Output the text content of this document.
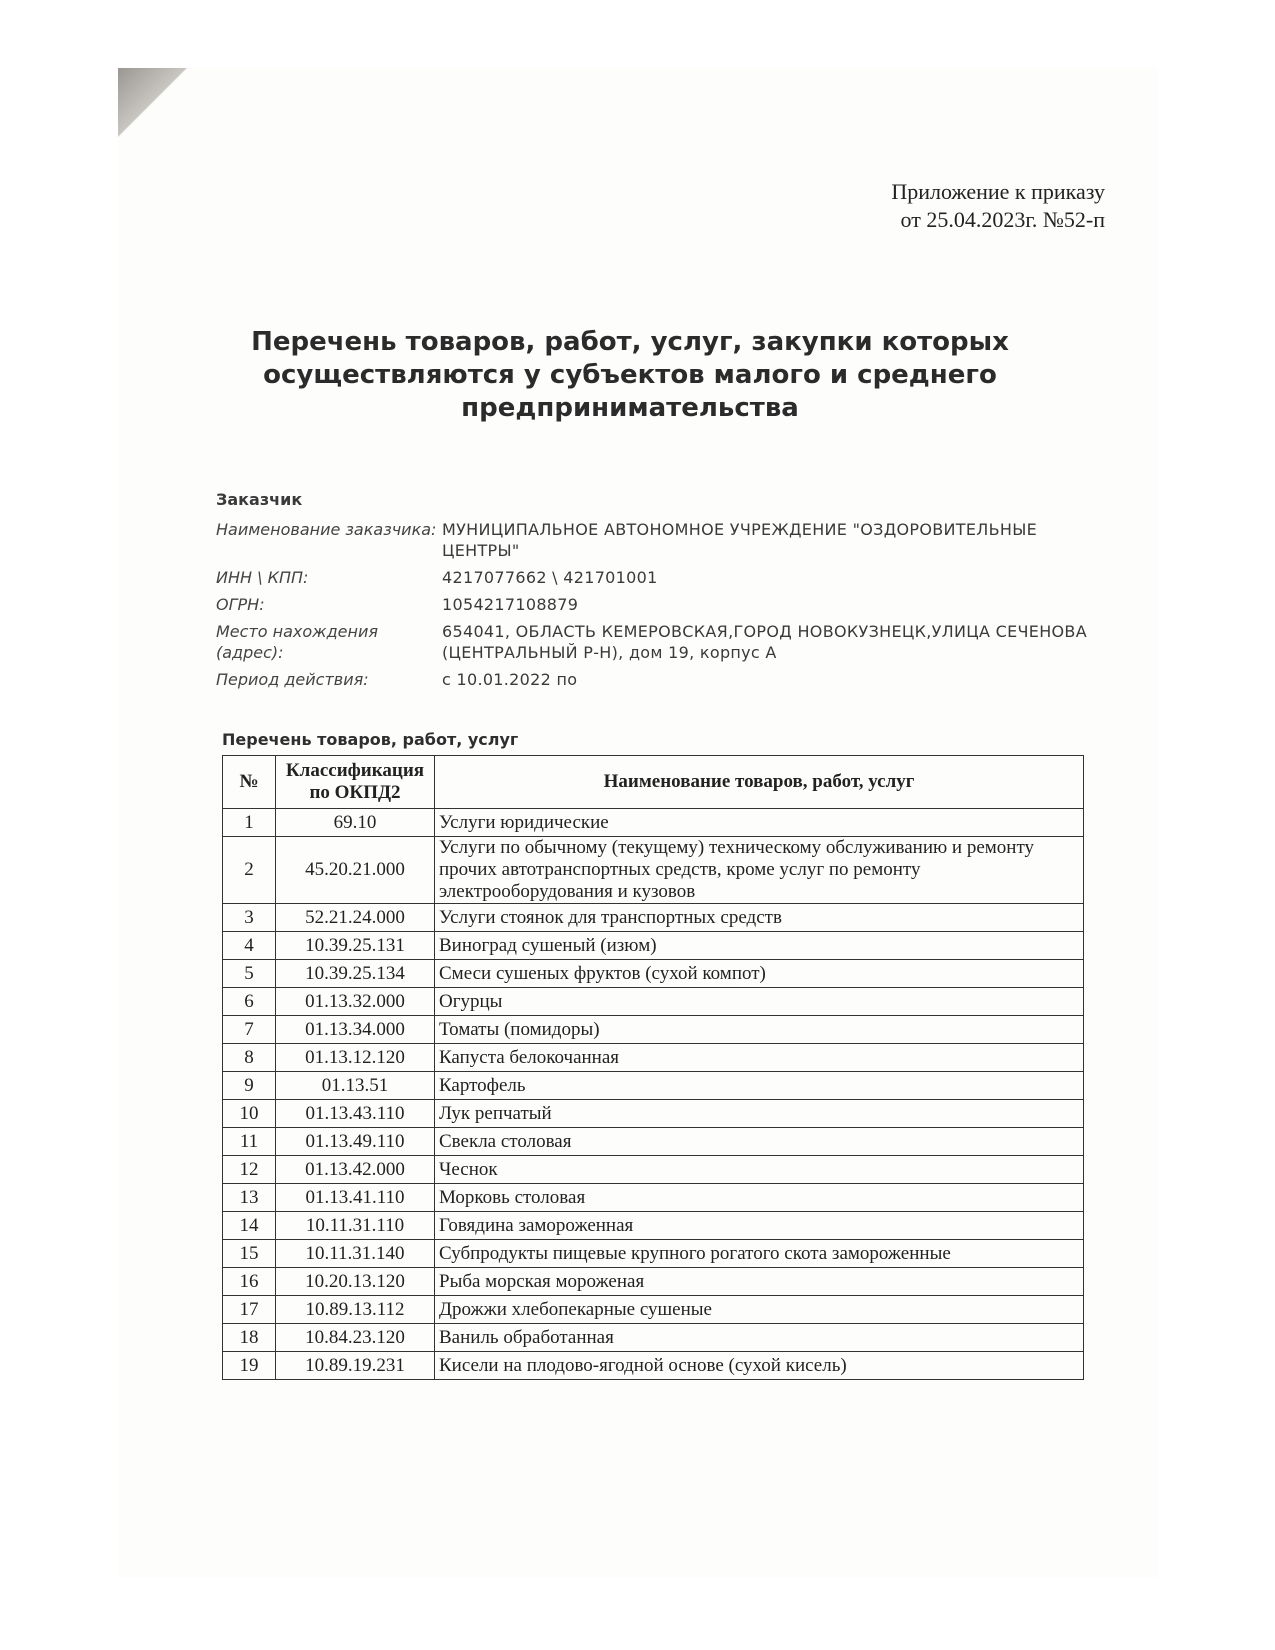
Приложение к приказу
от 25.04.2023г. №52-п
Перечень товаров, работ, услуг, закупки которых осуществляются у субъектов малого и среднего предпринимательства
Заказчик
Наименование заказчика: МУНИЦИПАЛЬНОЕ АВТОНОМНОЕ УЧРЕЖДЕНИЕ "ОЗДОРОВИТЕЛЬНЫЕ ЦЕНТРЫ"
ИНН \ КПП:	4217077662 \ 421701001
ОГРН:	1054217108879
Место нахождения (адрес):
654041, ОБЛАСТЬ КЕМЕРОВСКАЯ,ГОРОД НОВОКУЗНЕЦК,УЛИЦА СЕЧЕНОВА (ЦЕНТРАЛЬНЫЙ Р-Н), дом 19, корпус А
Период действия:	с 10.01.2022 по
Перечень товаров, работ, услуг
№	Классификация по ОКПД2	Наименование товаров, работ, услуг
1	69.10	Услуги юридические
2	45.20.21.000	Услуги по обычному (текущему) техническому обслуживанию и ремонту прочих автотранспортных средств, кроме услуг по ремонту электрооборудования и кузовов
3	52.21.24.000	Услуги стоянок для транспортных средств
4	10.39.25.131	Виноград сушеный (изюм)
5	10.39.25.134	Смеси сушеных фруктов (сухой компот)
6	01.13.32.000	Огурцы
7	01.13.34.000	Томаты (помидоры)
8	01.13.12.120	Капуста белокочанная
9	01.13.51	Картофель
10	01.13.43.110	Лук репчатый
11	01.13.49.110	Свекла столовая
12	01.13.42.000	Чеснок
13	01.13.41.110	Морковь столовая
14	10.11.31.110	Говядина замороженная
15	10.11.31.140	Субпродукты пищевые крупного рогатого скота замороженные
16	10.20.13.120	Рыба морская мороженая
17	10.89.13.112	Дрожжи хлебопекарные сушеные
18	10.84.23.120	Ваниль обработанная
19	10.89.19.231	Кисели на плодово-ягодной основе (сухой кисель)
